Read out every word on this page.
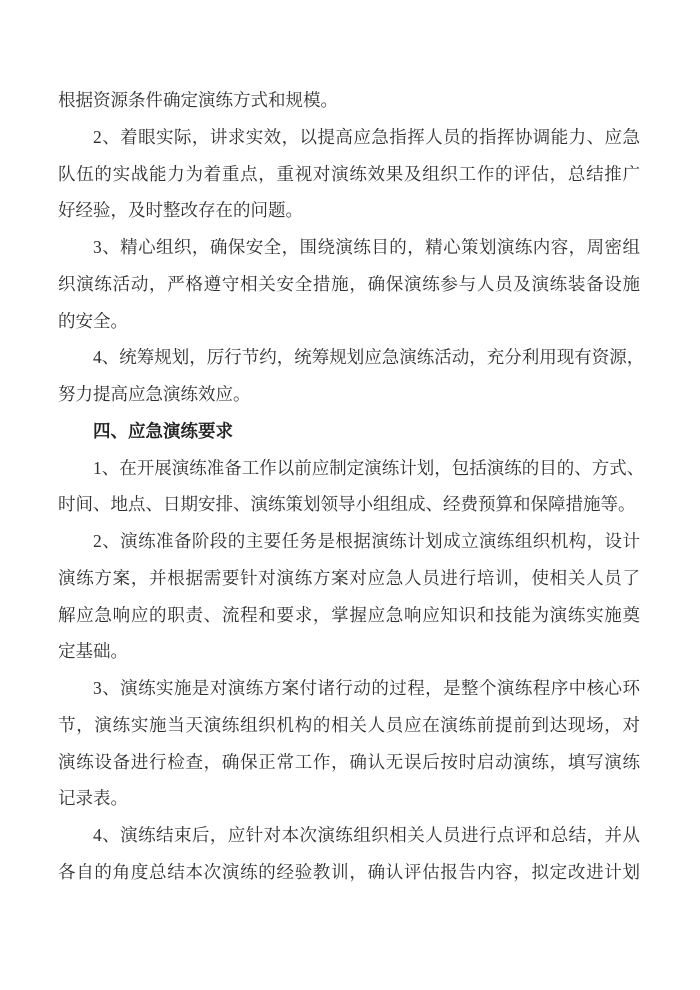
根据资源条件确定演练方式和规模。
2、着眼实际，讲求实效，以提高应急指挥人员的指挥协调能力、应急
队伍的实战能力为着重点，重视对演练效果及组织工作的评估，总结推广
好经验，及时整改存在的问题。
3、精心组织，确保安全，围绕演练目的，精心策划演练内容，周密组
织演练活动，严格遵守相关安全措施，确保演练参与人员及演练装备设施
的安全。
4、统筹规划，厉行节约，统筹规划应急演练活动，充分利用现有资源，
努力提高应急演练效应。
四、应急演练要求
1、在开展演练准备工作以前应制定演练计划，包括演练的目的、方式、
时间、地点、日期安排、演练策划领导小组组成、经费预算和保障措施等。
2、演练准备阶段的主要任务是根据演练计划成立演练组织机构，设计
演练方案，并根据需要针对演练方案对应急人员进行培训，使相关人员了
解应急响应的职责、流程和要求，掌握应急响应知识和技能为演练实施奠
定基础。
3、演练实施是对演练方案付诸行动的过程，是整个演练程序中核心环
节，演练实施当天演练组织机构的相关人员应在演练前提前到达现场，对
演练设备进行检查，确保正常工作，确认无误后按时启动演练，填写演练
记录表。
4、演练结束后，应针对本次演练组织相关人员进行点评和总结，并从
各自的角度总结本次演练的经验教训，确认评估报告内容，拟定改进计划
